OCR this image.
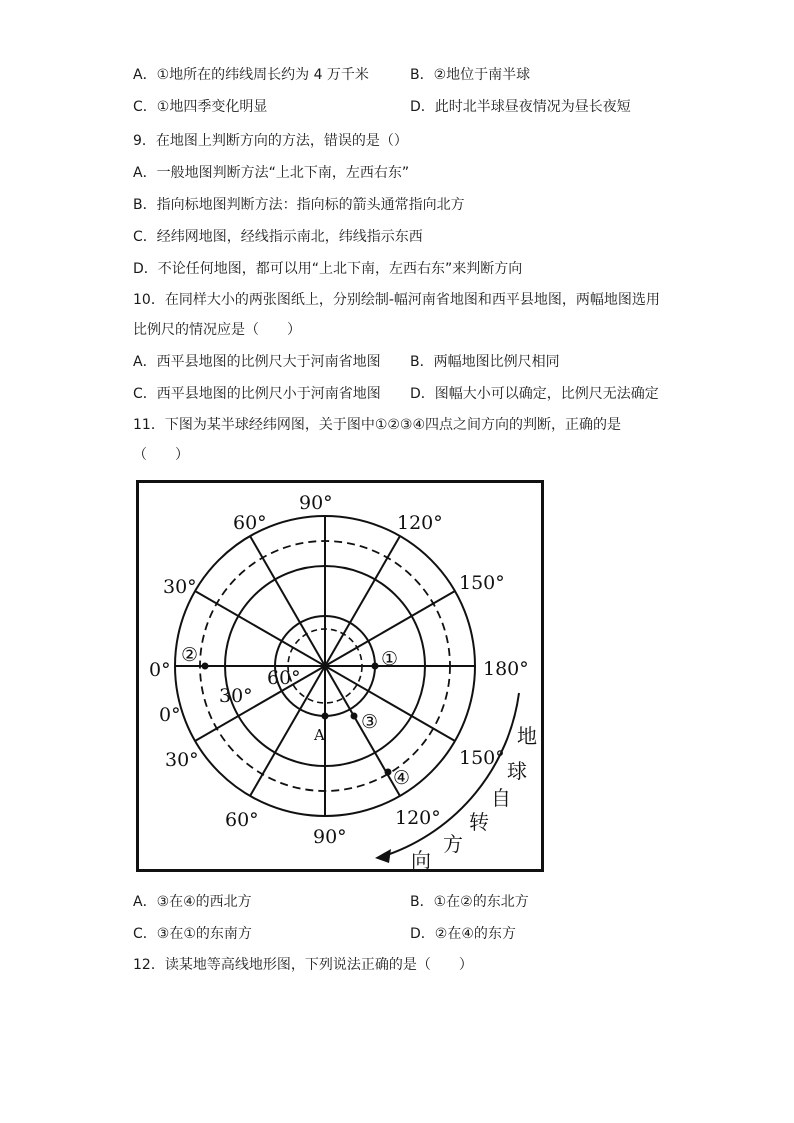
A．①地所在的纬线周长约为 4 万千米	B．②地位于南半球
C．①地四季变化明显	D．此时北半球昼夜情况为昼长夜短
9．在地图上判断方向的方法，错误的是（）
A．一般地图判断方法“上北下南，左西右东”
B．指向标地图判断方法：指向标的箭头通常指向北方
C．经纬网地图，经线指示南北，纬线指示东西
D．不论任何地图，都可以用“上北下南，左西右东”来判断方向
10．在同样大小的两张图纸上，分别绘制-幅河南省地图和西平县地图，两幅地图选用
比例尺的情况应是（　　）
A．西平县地图的比例尺大于河南省地图 B．两幅地图比例尺相同
C．西平县地图的比例尺小于河南省地图 D．图幅大小可以确定，比例尺无法确定
11．下图为某半球经纬网图，关于图中①②③④四点之间方向的判断，正确的是
（　　）
90°
60°	120°
30°	150°
0°	180°
0°
30°	150°
60°	120°
90°
30°
60°
①
②
③
④
A	地
球
自
转
方
向
A．③在④的西北方	B．①在②的东北方
C．③在①的东南方	D．②在④的东方
12．读某地等高线地形图，下列说法正确的是（　　）
